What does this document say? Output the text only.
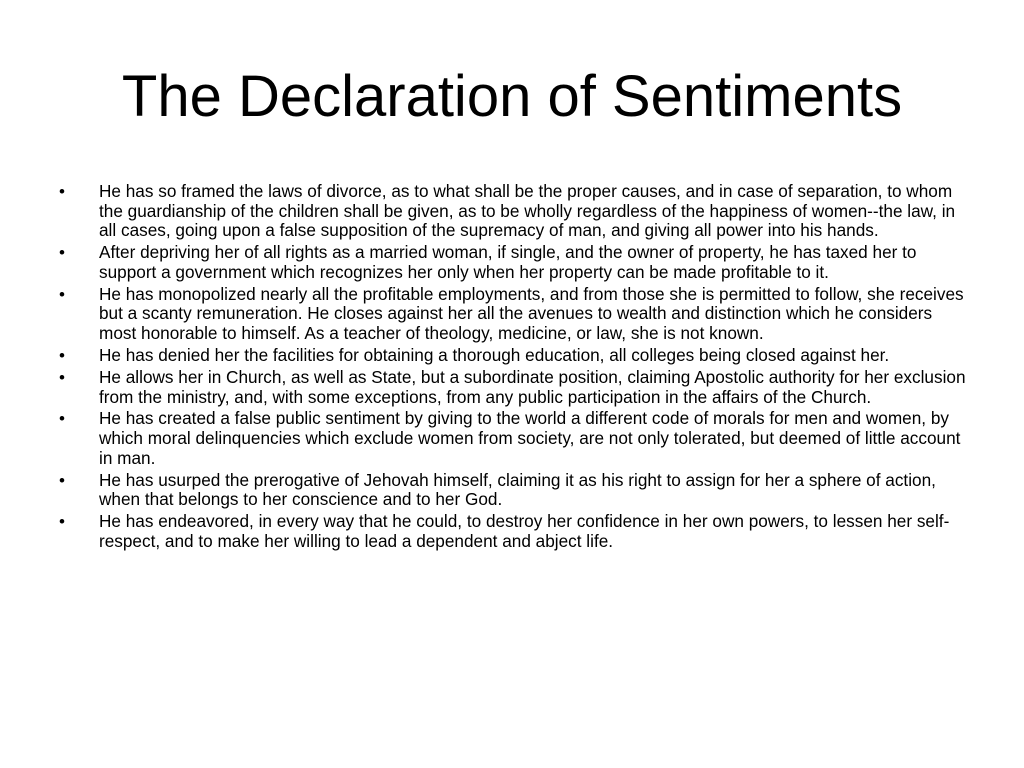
The Declaration of Sentiments
• He has so framed the laws of divorce, as to what shall be the proper causes, and in case of separation, to whom the guardianship of the children shall be given, as to be wholly regardless of the happiness of women--the law, in all cases, going upon a false supposition of the supremacy of man, and giving all power into his hands.
• After depriving her of all rights as a married woman, if single, and the owner of property, he has taxed her to support a government which recognizes her only when her property can be made profitable to it.
• He has monopolized nearly all the profitable employments, and from those she is permitted to follow, she receives but a scanty remuneration. He closes against her all the avenues to wealth and distinction which he considers most honorable to himself. As a teacher of theology, medicine, or law, she is not known.
• He has denied her the facilities for obtaining a thorough education, all colleges being closed against her.
• He allows her in Church, as well as State, but a subordinate position, claiming Apostolic authority for her exclusion from the ministry, and, with some exceptions, from any public participation in the affairs of the Church.
• He has created a false public sentiment by giving to the world a different code of morals for men and women, by which moral delinquencies which exclude women from society, are not only tolerated, but deemed of little account in man.
• He has usurped the prerogative of Jehovah himself, claiming it as his right to assign for her a sphere of action, when that belongs to her conscience and to her God.
• He has endeavored, in every way that he could, to destroy her confidence in her own powers, to lessen her self-respect, and to make her willing to lead a dependent and abject life.
